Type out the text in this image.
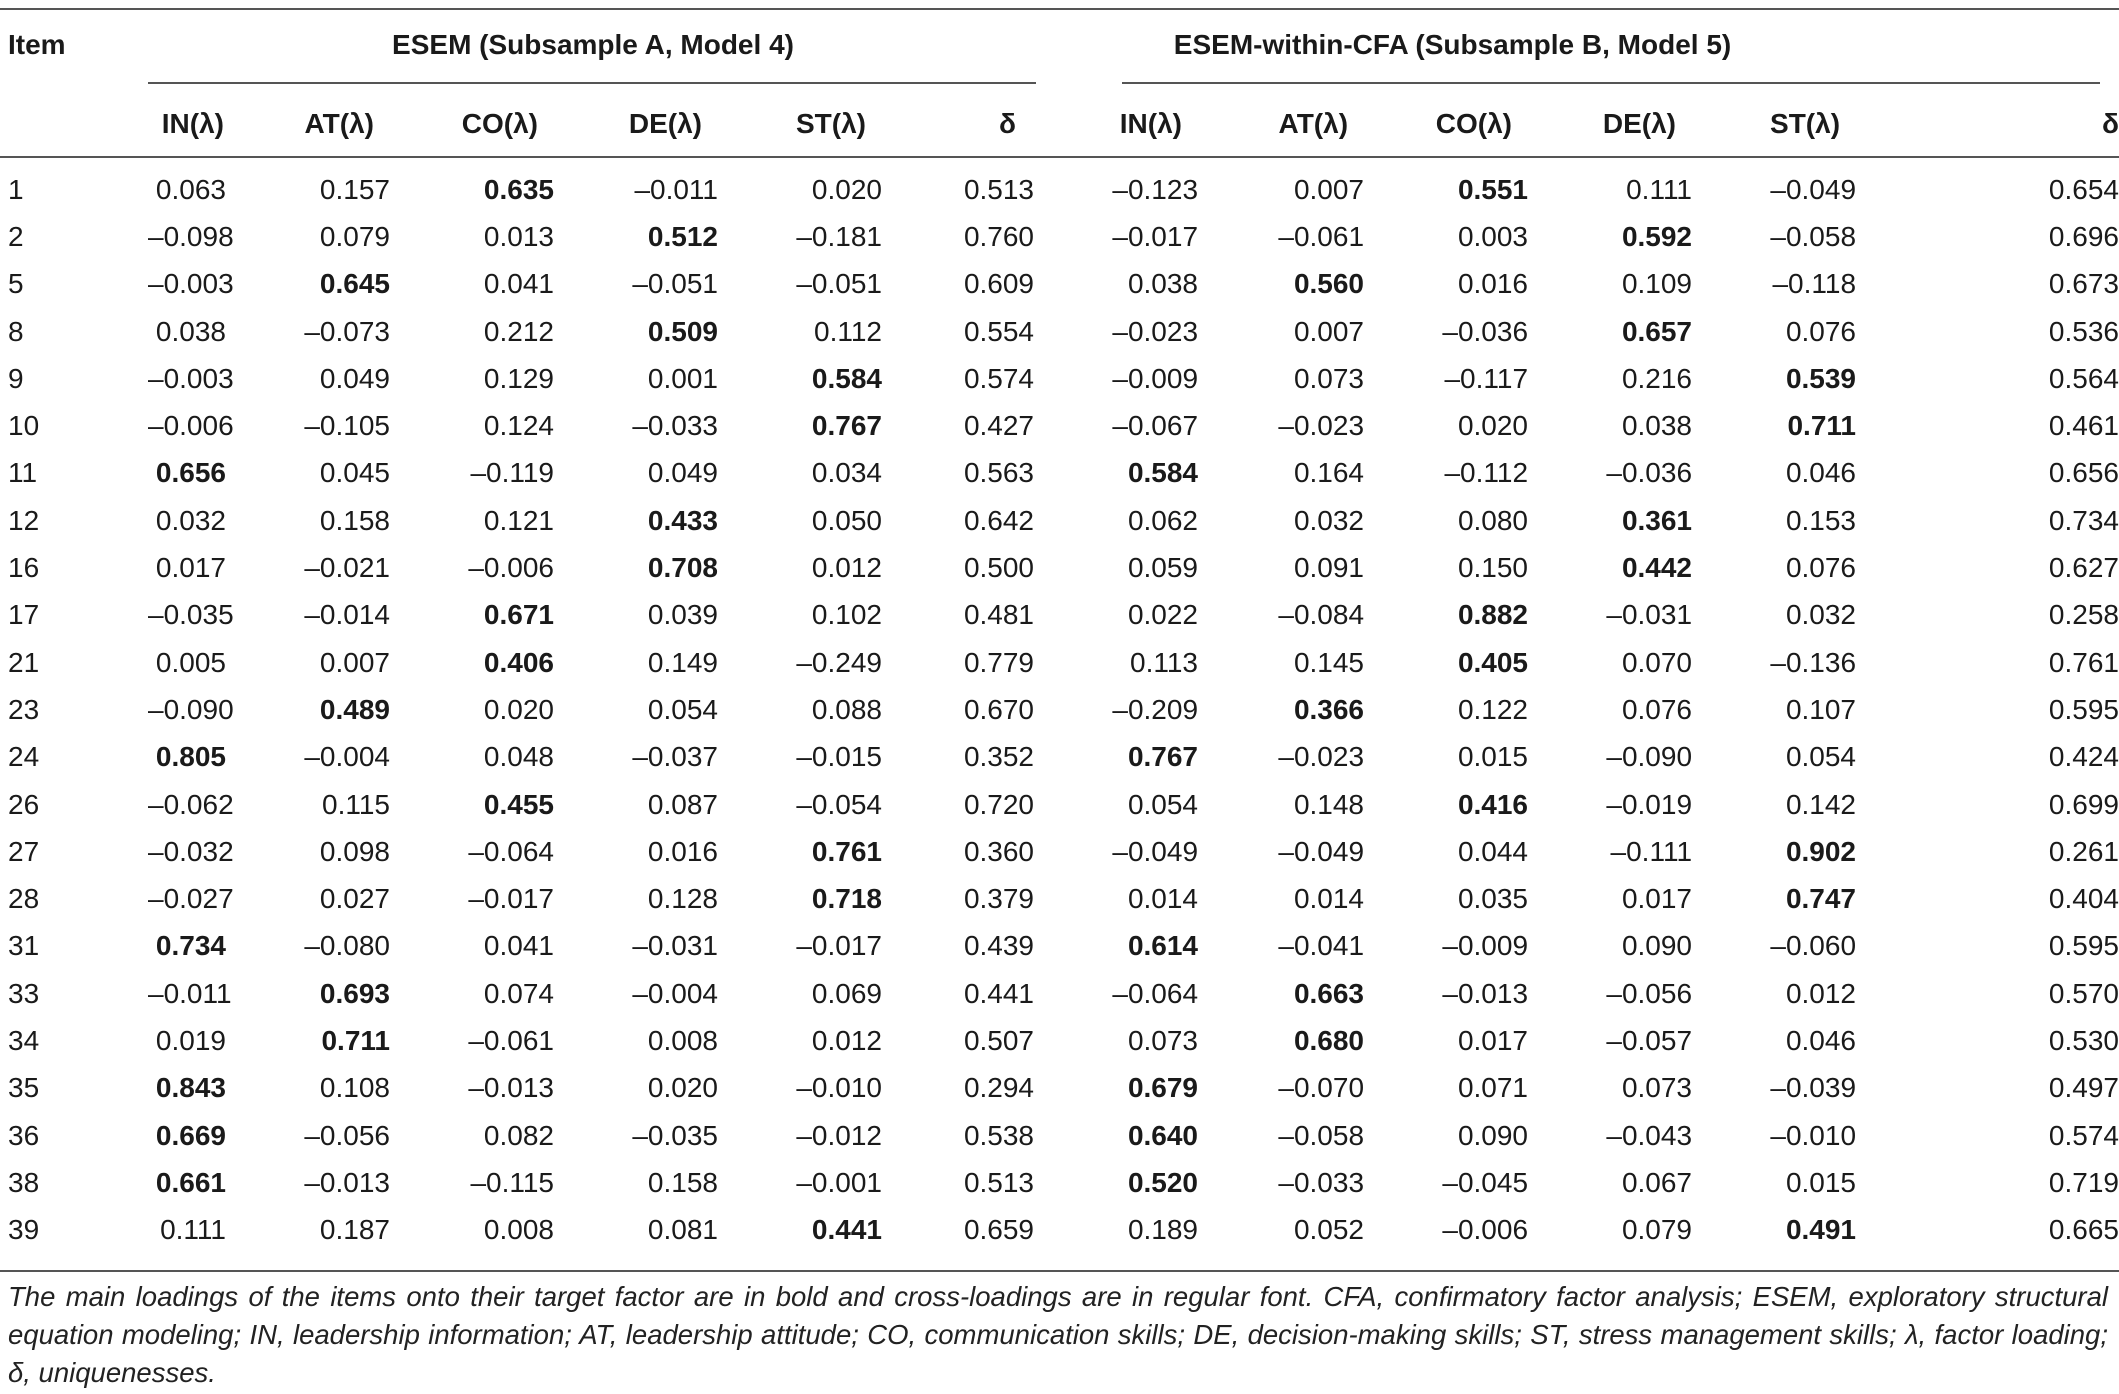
Item	ESEM (Subsample A, Model 4)						ESEM-within-CFA (Subsample B, Model 5)					
	IN(λ)	AT(λ)	CO(λ)	DE(λ)	ST(λ)	δ	IN(λ)	AT(λ)	CO(λ)	DE(λ)	ST(λ)	δ
1	0.063	0.157	0.635	–0.011	0.020	0.513	–0.123	0.007	0.551	0.111	–0.049	0.654
2	–0.098	0.079	0.013	0.512	–0.181	0.760	–0.017	–0.061	0.003	0.592	–0.058	0.696
5	–0.003	0.645	0.041	–0.051	–0.051	0.609	0.038	0.560	0.016	0.109	–0.118	0.673
8	0.038	–0.073	0.212	0.509	0.112	0.554	–0.023	0.007	–0.036	0.657	0.076	0.536
9	–0.003	0.049	0.129	0.001	0.584	0.574	–0.009	0.073	–0.117	0.216	0.539	0.564
10	–0.006	–0.105	0.124	–0.033	0.767	0.427	–0.067	–0.023	0.020	0.038	0.711	0.461
11	0.656	0.045	–0.119	0.049	0.034	0.563	0.584	0.164	–0.112	–0.036	0.046	0.656
12	0.032	0.158	0.121	0.433	0.050	0.642	0.062	0.032	0.080	0.361	0.153	0.734
16	0.017	–0.021	–0.006	0.708	0.012	0.500	0.059	0.091	0.150	0.442	0.076	0.627
17	–0.035	–0.014	0.671	0.039	0.102	0.481	0.022	–0.084	0.882	–0.031	0.032	0.258
21	0.005	0.007	0.406	0.149	–0.249	0.779	0.113	0.145	0.405	0.070	–0.136	0.761
23	–0.090	0.489	0.020	0.054	0.088	0.670	–0.209	0.366	0.122	0.076	0.107	0.595
24	0.805	–0.004	0.048	–0.037	–0.015	0.352	0.767	–0.023	0.015	–0.090	0.054	0.424
26	–0.062	0.115	0.455	0.087	–0.054	0.720	0.054	0.148	0.416	–0.019	0.142	0.699
27	–0.032	0.098	–0.064	0.016	0.761	0.360	–0.049	–0.049	0.044	–0.111	0.902	0.261
28	–0.027	0.027	–0.017	0.128	0.718	0.379	0.014	0.014	0.035	0.017	0.747	0.404
31	0.734	–0.080	0.041	–0.031	–0.017	0.439	0.614	–0.041	–0.009	0.090	–0.060	0.595
33	–0.011	0.693	0.074	–0.004	0.069	0.441	–0.064	0.663	–0.013	–0.056	0.012	0.570
34	0.019	0.711	–0.061	0.008	0.012	0.507	0.073	0.680	0.017	–0.057	0.046	0.530
35	0.843	0.108	–0.013	0.020	–0.010	0.294	0.679	–0.070	0.071	0.073	–0.039	0.497
36	0.669	–0.056	0.082	–0.035	–0.012	0.538	0.640	–0.058	0.090	–0.043	–0.010	0.574
38	0.661	–0.013	–0.115	0.158	–0.001	0.513	0.520	–0.033	–0.045	0.067	0.015	0.719
39	0.111	0.187	0.008	0.081	0.441	0.659	0.189	0.052	–0.006	0.079	0.491	0.665
The main loadings of the items onto their target factor are in bold and cross-loadings are in regular font. CFA, confirmatory factor analysis; ESEM, exploratory structural equation modeling; IN, leadership information; AT, leadership attitude; CO, communication skills; DE, decision-making skills; ST, stress management skills; λ, factor loading; δ, uniquenesses.
